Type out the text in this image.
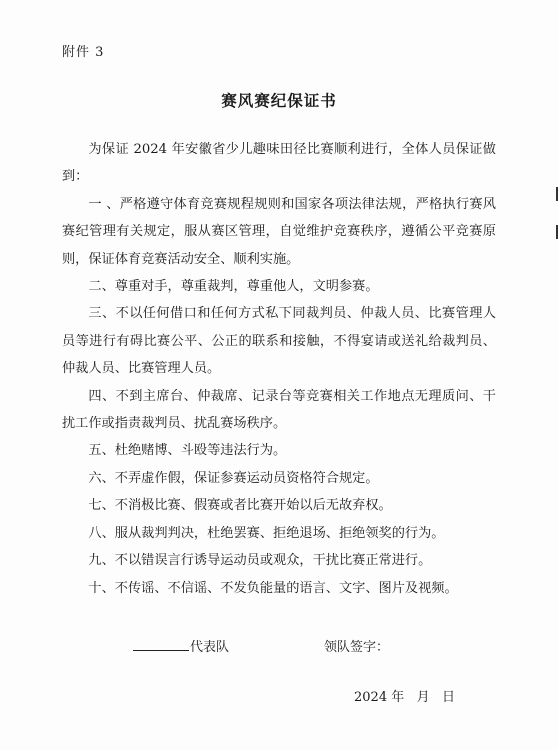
附件 3
赛风赛纪保证书

为保证 2024 年安徽省少儿趣味田径比赛顺利进行，全体人员保证做到：

一 、严格遵守体育竞赛规程规则和国家各项法律法规，严格执行赛风赛纪管理有关规定，服从赛区管理，自觉维护竞赛秩序，遵循公平竞赛原则，保证体育竞赛活动安全、顺利实施。

二、尊重对手，尊重裁判，尊重他人，文明参赛。

三、不以任何借口和任何方式私下同裁判员、仲裁人员、比赛管理人员等进行有碍比赛公平、公正的联系和接触，不得宴请或送礼给裁判员、仲裁人员、比赛管理人员。

四、不到主席台、仲裁席、记录台等竞赛相关工作地点无理质问、干扰工作或指责裁判员、扰乱赛场秩序。

五、杜绝赌博、斗殴等违法行为。

六、不弄虚作假，保证参赛运动员资格符合规定。

七、不消极比赛、假赛或者比赛开始以后无故弃权。

八、服从裁判判决，杜绝罢赛、拒绝退场、拒绝领奖的行为。

九、不以错误言行诱导运动员或观众，干扰比赛正常进行。

十、不传谣、不信谣、不发负能量的语言、文字、图片及视频。

代表队	领队签字：
2024 年   月   日
